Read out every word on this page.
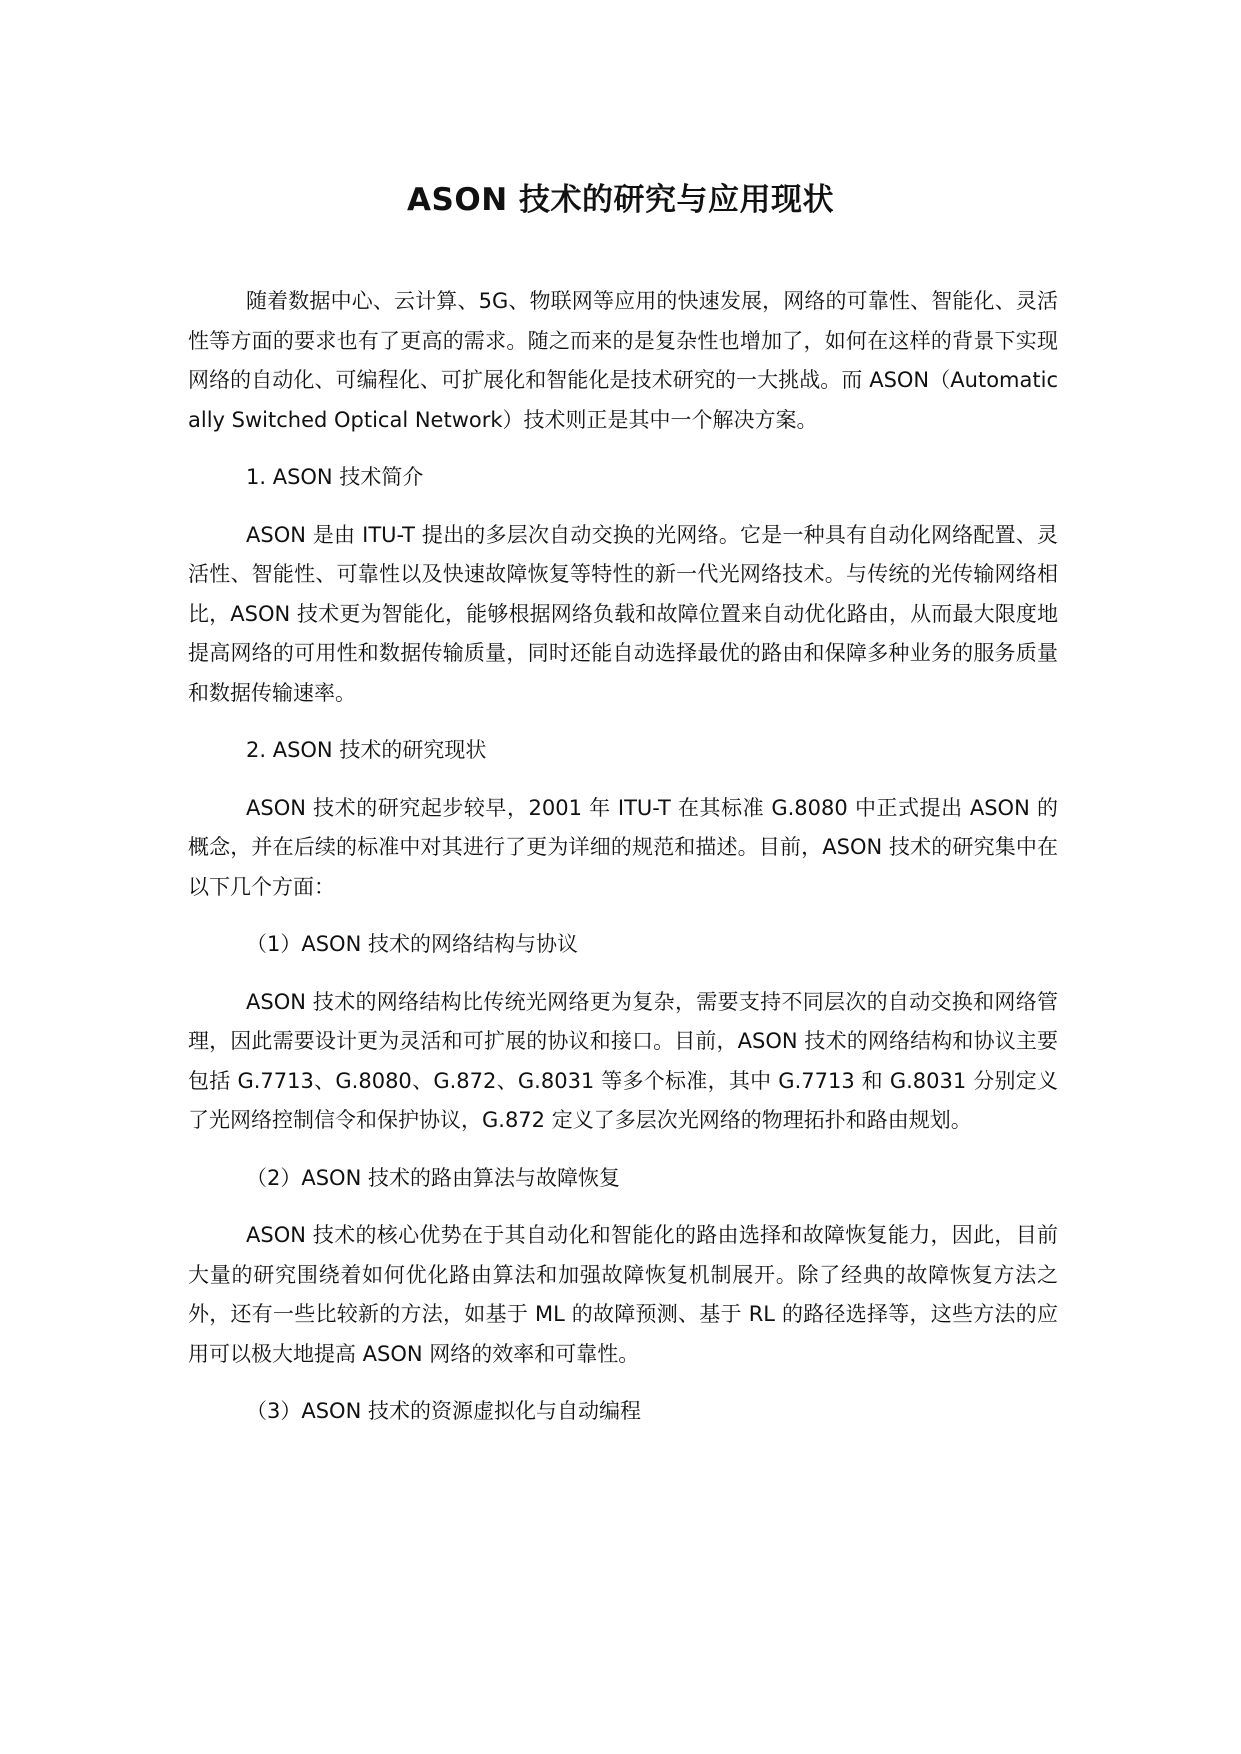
ASON 技术的研究与应用现状

随着数据中心、云计算、5G、物联网等应用的快速发展，网络的可靠性、智能化、灵活性等方面的要求也有了更高的需求。随之而来的是复杂性也增加了，如何在这样的背景下实现网络的自动化、可编程化、可扩展化和智能化是技术研究的一大挑战。而 ASON（Automatically Switched Optical Network）技术则正是其中一个解决方案。

1. ASON 技术简介

ASON 是由 ITU-T 提出的多层次自动交换的光网络。它是一种具有自动化网络配置、灵活性、智能性、可靠性以及快速故障恢复等特性的新一代光网络技术。与传统的光传输网络相比，ASON 技术更为智能化，能够根据网络负载和故障位置来自动优化路由，从而最大限度地提高网络的可用性和数据传输质量，同时还能自动选择最优的路由和保障多种业务的服务质量和数据传输速率。

2. ASON 技术的研究现状

ASON 技术的研究起步较早，2001 年 ITU-T 在其标准 G.8080 中正式提出 ASON 的概念，并在后续的标准中对其进行了更为详细的规范和描述。目前，ASON 技术的研究集中在以下几个方面：

（1）ASON 技术的网络结构与协议

ASON 技术的网络结构比传统光网络更为复杂，需要支持不同层次的自动交换和网络管理，因此需要设计更为灵活和可扩展的协议和接口。目前，ASON 技术的网络结构和协议主要包括 G.7713、G.8080、G.872、G.8031 等多个标准，其中 G.7713 和 G.8031 分别定义了光网络控制信令和保护协议，G.872 定义了多层次光网络的物理拓扑和路由规划。

（2）ASON 技术的路由算法与故障恢复

ASON 技术的核心优势在于其自动化和智能化的路由选择和故障恢复能力，因此，目前大量的研究围绕着如何优化路由算法和加强故障恢复机制展开。除了经典的故障恢复方法之外，还有一些比较新的方法，如基于 ML 的故障预测、基于 RL 的路径选择等，这些方法的应用可以极大地提高 ASON 网络的效率和可靠性。

（3）ASON 技术的资源虚拟化与自动编程
